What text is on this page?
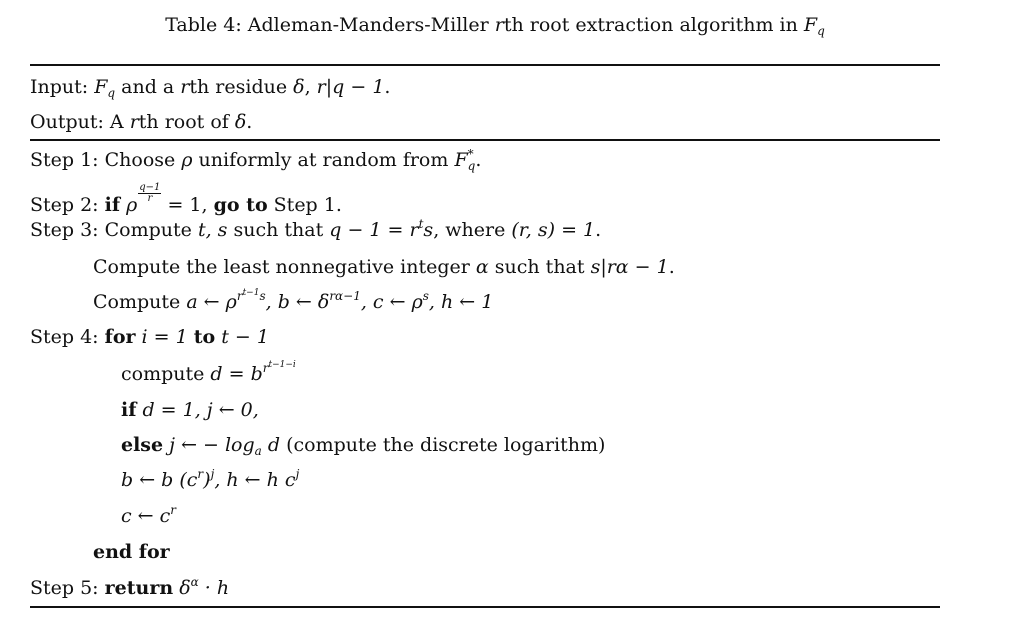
Table 4: Adleman-Manders-Miller rth root extraction algorithm in $F_q$
Input: $F_q$ and a rth residue δ, r|q − 1.
Output: A rth root of δ.
Step 1: Choose ρ uniformly at random from $F^*_q$.
Step 2: if ρ
$\frac{q-1}{r}$
= 1, go to Step 1.
Step 3: Compute t, s such that $q - 1 = r^ts$, where (r, s) = 1.
Compute the least nonnegative integer α such that s|rα − 1.
Compute a ← $\rho^{r^{t-1}s}$, b ← $\delta^{r\alpha-1}$, c ← $\rho^s$, h ← 1
Step 4: for i = 1 to t − 1
compute $d = b^{r^{t-1-i}}$
if d = 1, j ← 0,
else j ← − $\log_a d$ (compute the discrete logarithm)
b ← b $(c^r)^j$, h ← h $c^j$
c ← $c^r$
end for
Step 5: return $\delta^\alpha \cdot h$
